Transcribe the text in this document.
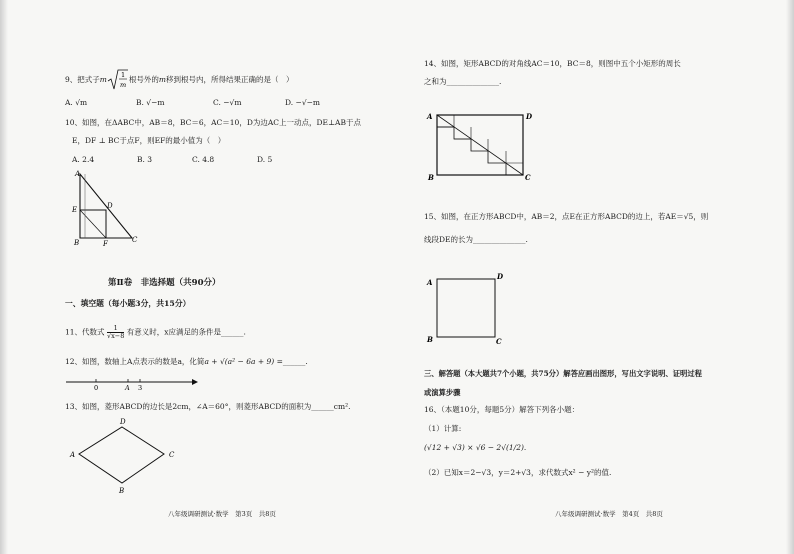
9、把式子m 1
m
根号外的m移到根号内，所得结果正确的是（　）
A. √m	B. √−m	C. −√m	D. −√−m
10、如图，在ΔABC中，AB＝8，BC＝6，AC＝10，D为边AC上一动点，DE⊥AB于点
E，DF ⊥ BC于点F，则EF的最小值为（　）
A. 2.4	B. 3	C. 4.8	D. 5
A
E	D
B	F	C
第Ⅱ卷　非选择题（共90分）
一、填空题（每小题3分，共15分）
11、代数式 $\frac{1}{√x-8}$ 有意义时，x应满足的条件是______.
12、如图，数轴上A点表示的数是a，化简a + √(a² − 6a + 9) =______.
0	A 3
13、如图，菱形ABCD的边长是2cm，∠A＝60°，则菱形ABCD的面积为______cm².
D
A	C
B
八年级调研测试·数学　第3页　共8页
14、如图，矩形ABCD的对角线AC＝10，BC＝8，则图中五个小矩形的周长
之和为______________.
A	D
B	C
15、如图，在正方形ABCD中，AB＝2，点E在正方形ABCD的边上，若AE＝√5，则
线段DE的长为______________.
A
D
B	C
三、解答题（本大题共7个小题，共75分）解答应画出图形，写出文字说明、证明过程
或演算步骤
16、（本题10分，每题5分）解答下列各小题：
（1）计算:
(√12 + √3) × √6 − 2√(1/2).
（2）已知x＝2−√3，y＝2+√3，求代数式x² − y²的值.
八年级调研测试·数学　第4页　共8页
